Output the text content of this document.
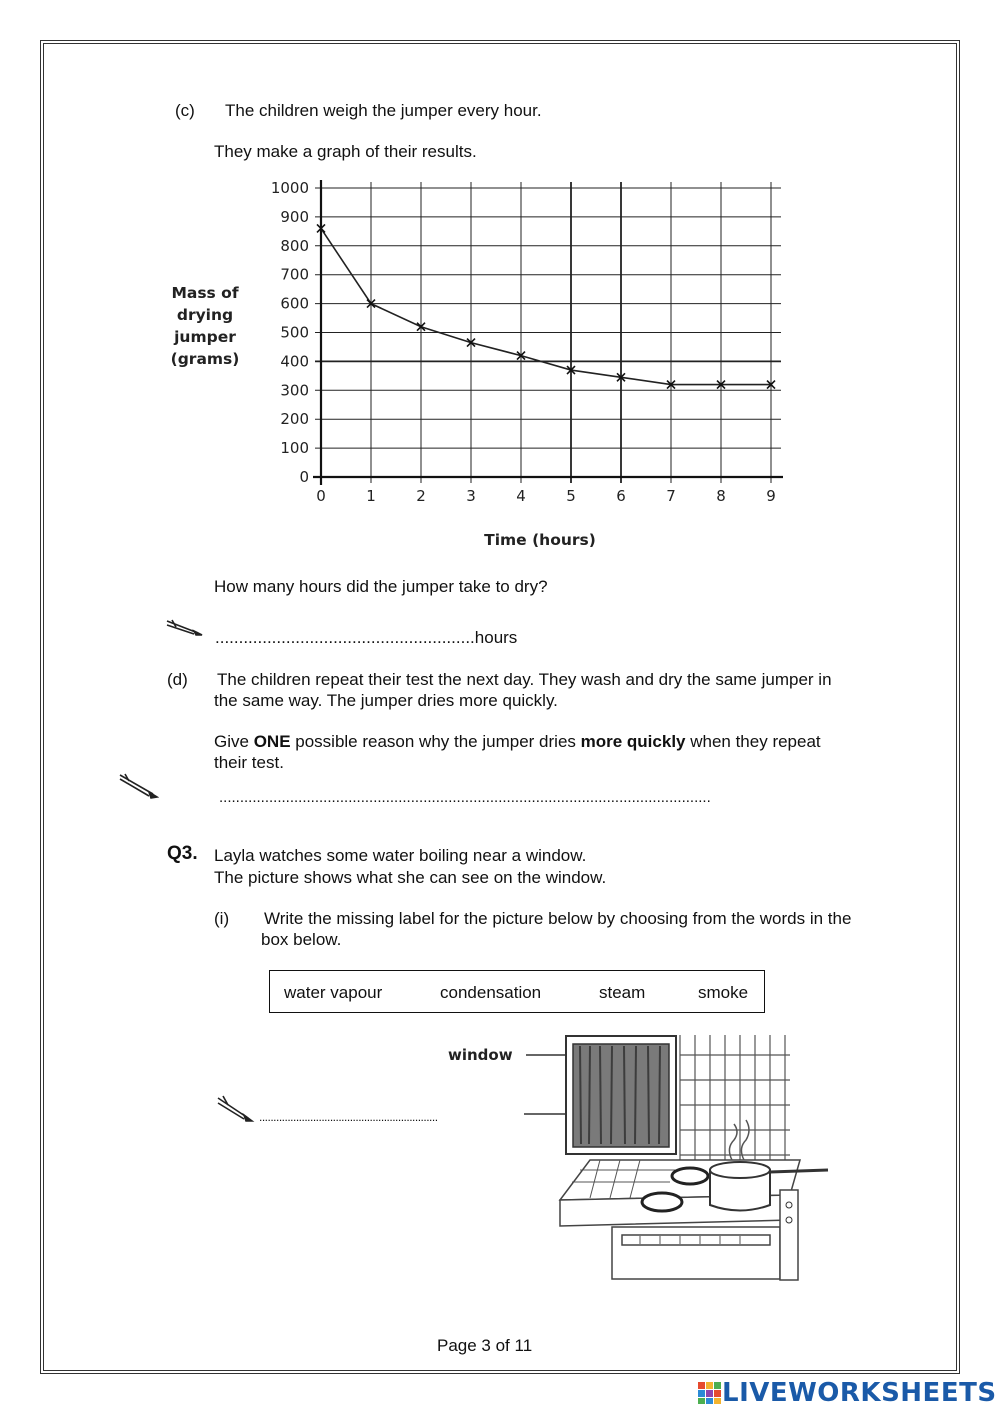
(c) The children weigh the jumper every hour.
They make a graph of their results.
0
100
200
300
400
500
600
700
800
900
1000
0	1	2	3	4	5	6	7	8	9
Mass of
drying
jumper
(grams)
Time (hours)
How many hours did the jumper take to dry?
.......................................................hours
(d) The children repeat their test the next day. They wash and dry the same jumper in
the same way. The jumper dries more quickly.
Give ONE possible reason why the jumper dries more quickly when they repeat
their test.
......................................................................................................................
Q3. Layla watches some water boiling near a window.
The picture shows what she can see on the window.
(i) Write the missing label for the picture below by choosing from the words in the
box below.
water vapour	condensation	steam	smoke
...............................................................
window
Page 3 of 11
LIVEWORKSHEETS
